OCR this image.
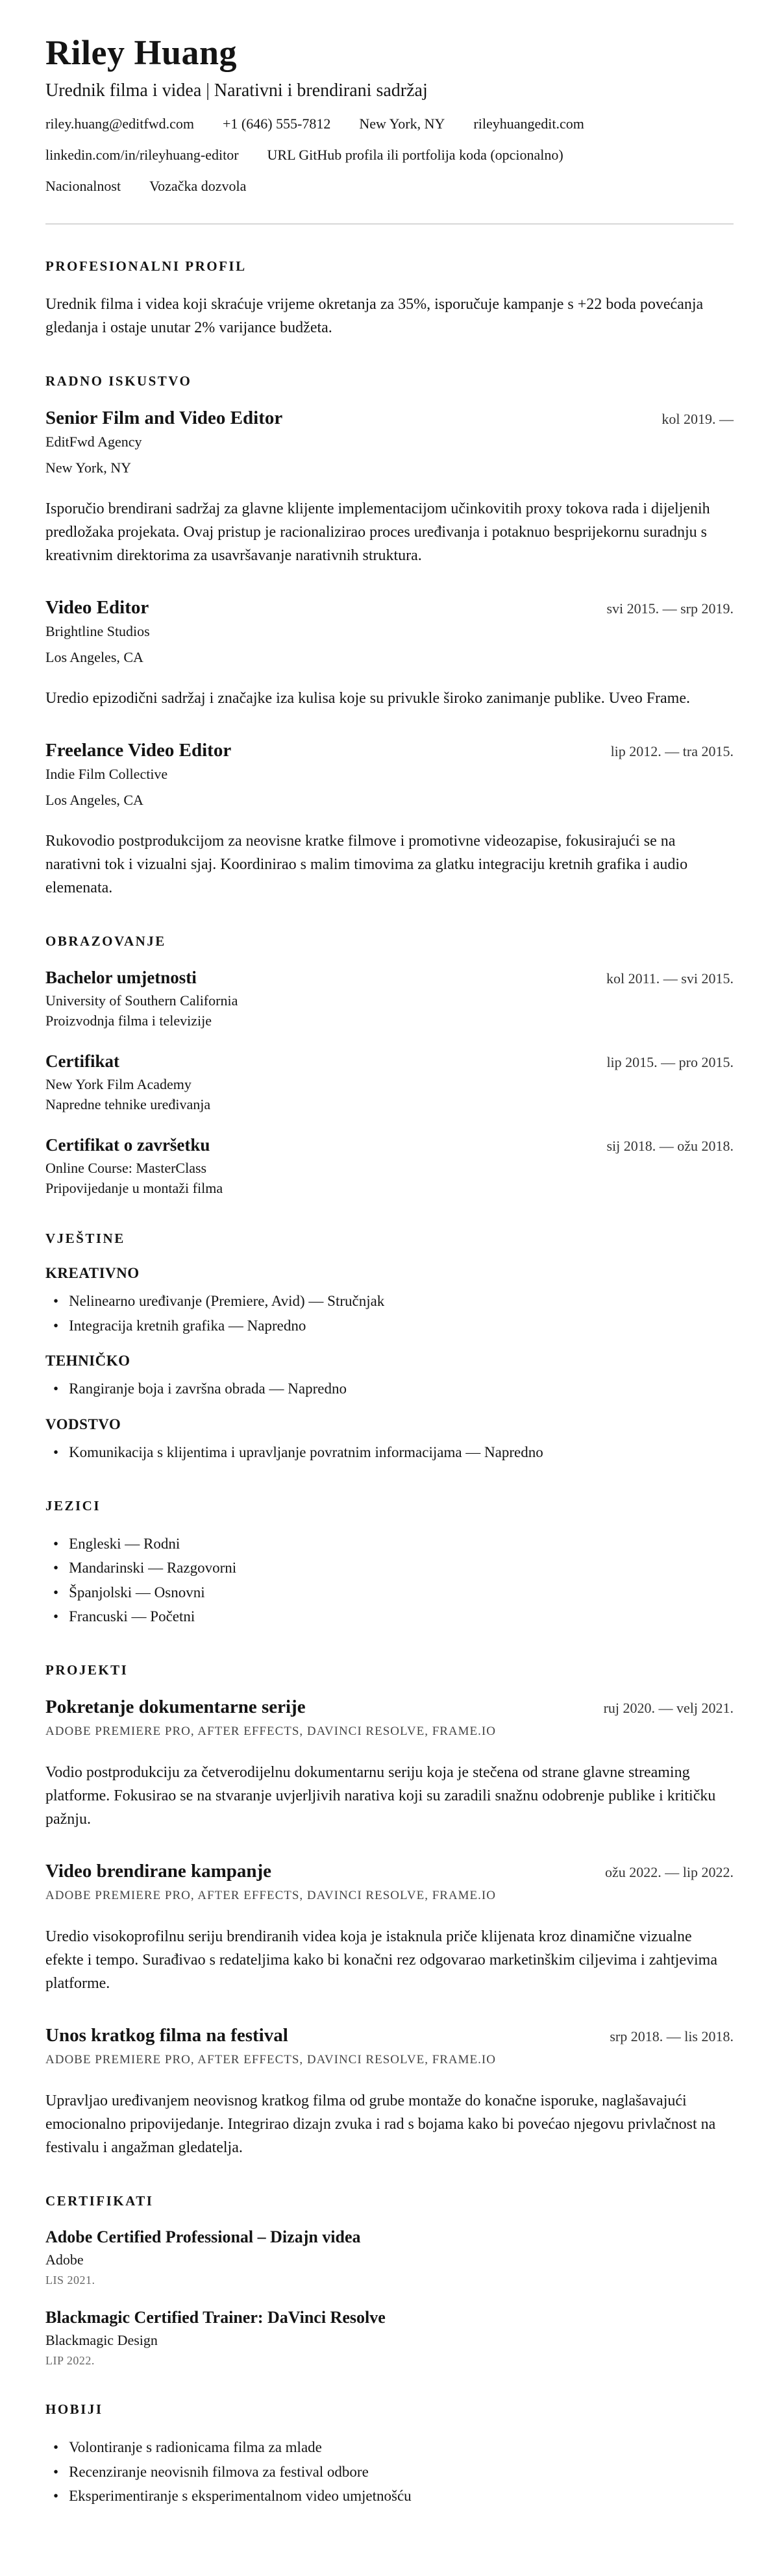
Riley Huang
Urednik filma i videa | Narativni i brendirani sadržaj
riley.huang@editfwd.com +1 (646) 555-7812 New York, NY rileyhuangedit.com
linkedin.com/in/rileyhuang-editor URL GitHub profila ili portfolija koda (opcionalno)
Nacionalnost Vozačka dozvola
PROFESIONALNI PROFIL

Urednik filma i videa koji skraćuje vrijeme okretanja za 35%, isporučuje kampanje s +22 boda povećanja gledanja i ostaje unutar 2% varijance budžeta.

RADNO ISKUSTVO
Senior Film and Video Editor	kol 2019. —
EditFwd Agency
New York, NY

Isporučio brendirani sadržaj za glavne klijente implementacijom učinkovitih proxy tokova rada i dijeljenih predložaka projekata. Ovaj pristup je racionalizirao proces uređivanja i potaknuo besprijekornu suradnju s kreativnim direktorima za usavršavanje narativnih struktura.

Video Editor	svi 2015. — srp 2019.
Brightline Studios
Los Angeles, CA

Uredio epizodični sadržaj i značajke iza kulisa koje su privukle široko zanimanje publike. Uveo Frame.

Freelance Video Editor	lip 2012. — tra 2015.
Indie Film Collective
Los Angeles, CA

Rukovodio postprodukcijom za neovisne kratke filmove i promotivne videozapise, fokusirajući se na narativni tok i vizualni sjaj. Koordinirao s malim timovima za glatku integraciju kretnih grafika i audio elemenata.

OBRAZOVANJE
Bachelor umjetnosti	kol 2011. — svi 2015.
University of Southern California
Proizvodnja filma i televizije
Certifikat	lip 2015. — pro 2015.
New York Film Academy
Napredne tehnike uređivanja
Certifikat o završetku	sij 2018. — ožu 2018.
Online Course: MasterClass
Pripovijedanje u montaži filma
VJEŠTINE
KREATIVNO
• Nelinearno uređivanje (Premiere, Avid) — Stručnjak
• Integracija kretnih grafika — Napredno
TEHNIČKO
• Rangiranje boja i završna obrada — Napredno
VODSTVO
• Komunikacija s klijentima i upravljanje povratnim informacijama — Napredno
JEZICI
• Engleski — Rodni
• Mandarinski — Razgovorni
• Španjolski — Osnovni
• Francuski — Početni
PROJEKTI
Pokretanje dokumentarne serije	ruj 2020. — velj 2021.
ADOBE PREMIERE PRO, AFTER EFFECTS, DAVINCI RESOLVE, FRAME.IO

Vodio postprodukciju za četverodijelnu dokumentarnu seriju koja je stečena od strane glavne streaming platforme. Fokusirao se na stvaranje uvjerljivih narativa koji su zaradili snažnu odobrenje publike i kritičku pažnju.

Video brendirane kampanje	ožu 2022. — lip 2022.
ADOBE PREMIERE PRO, AFTER EFFECTS, DAVINCI RESOLVE, FRAME.IO

Uredio visokoprofilnu seriju brendiranih videa koja je istaknula priče klijenata kroz dinamične vizualne efekte i tempo. Surađivao s redateljima kako bi konačni rez odgovarao marketinškim ciljevima i zahtjevima platforme.

Unos kratkog filma na festival	srp 2018. — lis 2018.
ADOBE PREMIERE PRO, AFTER EFFECTS, DAVINCI RESOLVE, FRAME.IO

Upravljao uređivanjem neovisnog kratkog filma od grube montaže do konačne isporuke, naglašavajući emocionalno pripovijedanje. Integrirao dizajn zvuka i rad s bojama kako bi povećao njegovu privlačnost na festivalu i angažman gledatelja.

CERTIFIKATI
Adobe Certified Professional – Dizajn videa
Adobe
LIS 2021.
Blackmagic Certified Trainer: DaVinci Resolve
Blackmagic Design
LIP 2022.
HOBIJI
• Volontiranje s radionicama filma za mlade
• Recenziranje neovisnih filmova za festival odbore
• Eksperimentiranje s eksperimentalnom video umjetnošću
